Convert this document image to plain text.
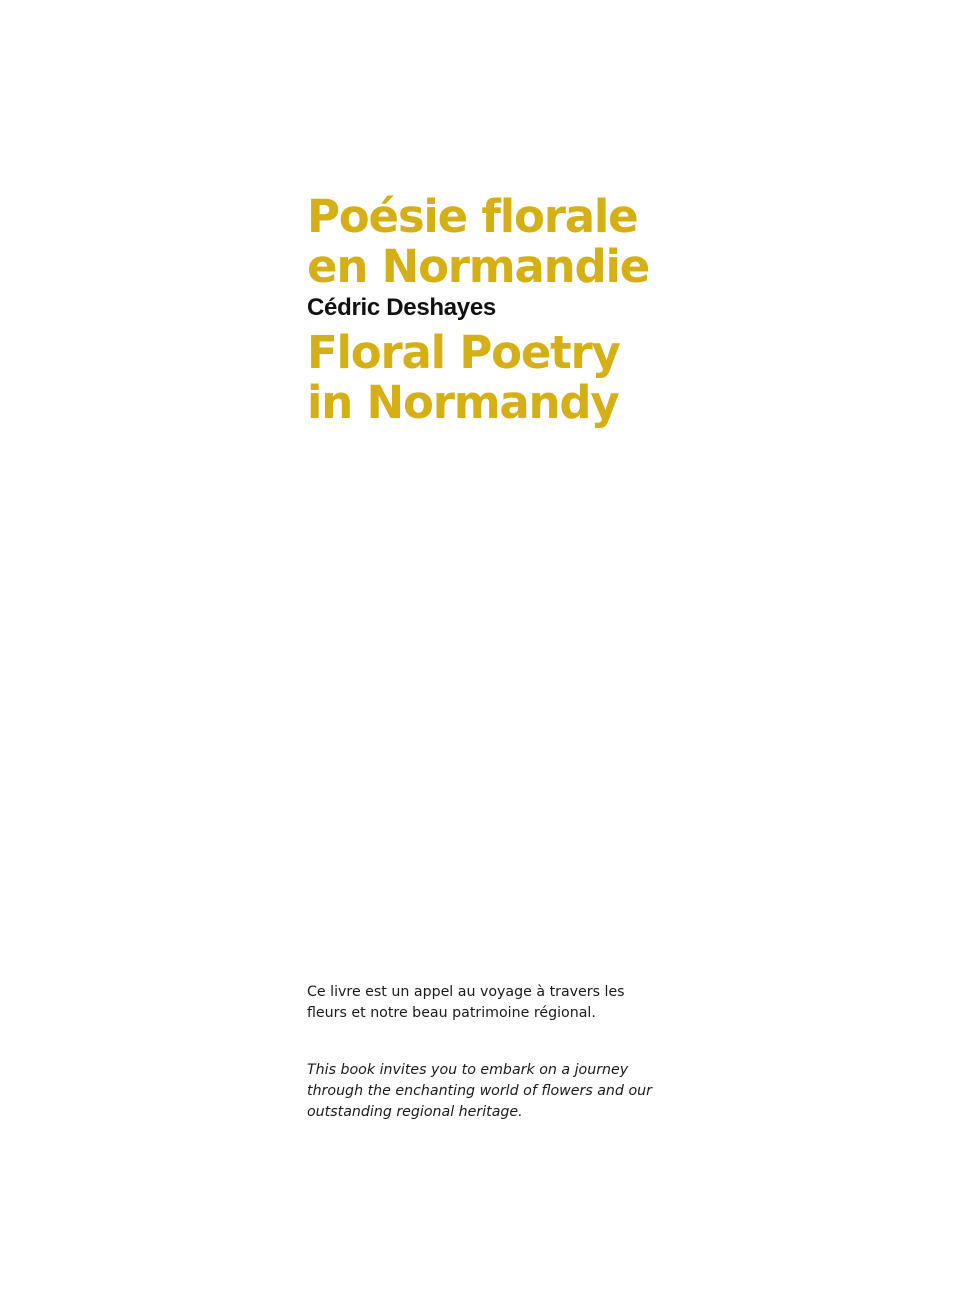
Poésie florale
en Normandie
Cédric Deshayes
Floral Poetry
in Normandy

Ce livre est un appel au voyage à travers les fleurs et notre beau patrimoine régional.

This book invites you to embark on a journey through the enchanting world of flowers and our outstanding regional heritage.
